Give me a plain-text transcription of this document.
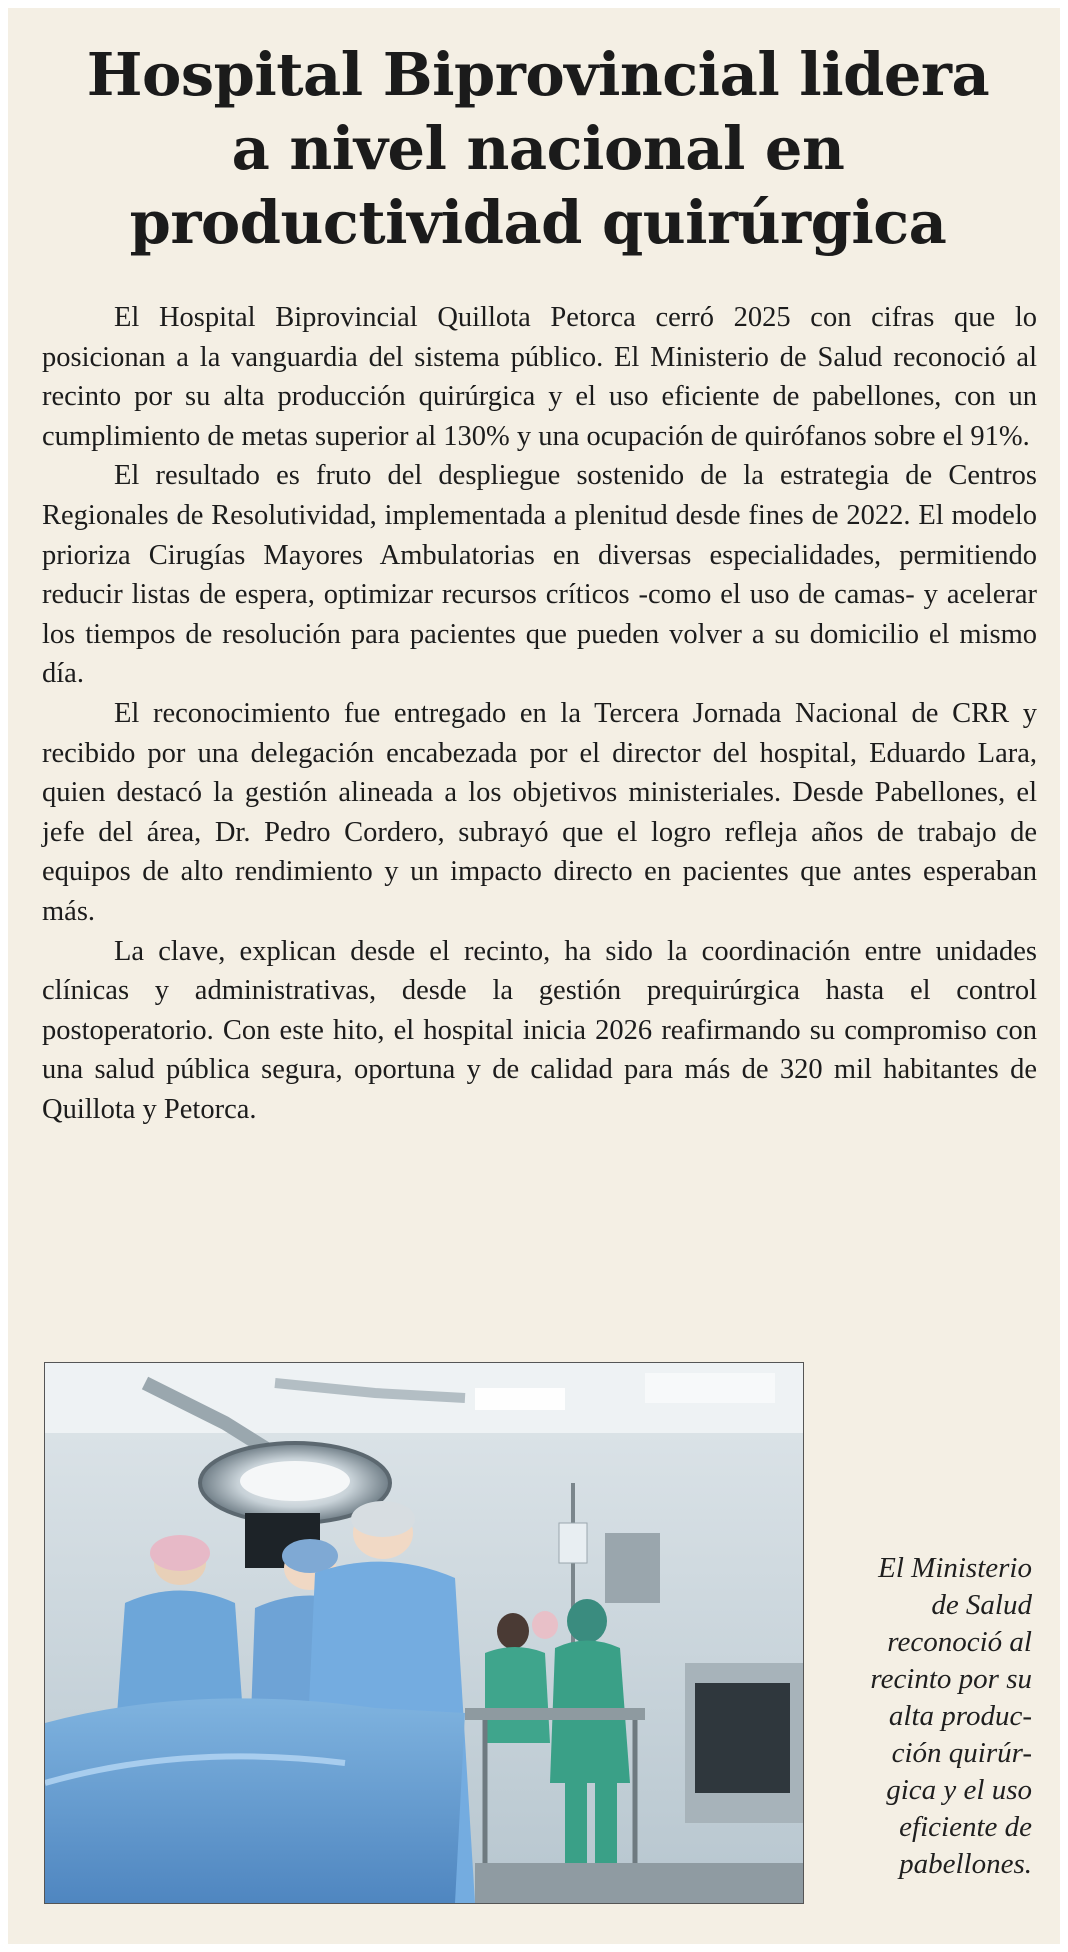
Hospital Biprovincial lidera
a nivel nacional en
productividad quirúrgica

El Hospital Biprovincial Quillota Petorca cerró 2025 con cifras que lo posicionan a la vanguardia del sistema público. El Ministerio de Salud reconoció al recinto por su alta producción quirúrgica y el uso eficiente de pabellones, con un cumplimiento de metas superior al 130% y una ocupación de quirófanos sobre el 91%.

El resultado es fruto del despliegue sostenido de la estrategia de Centros Regionales de Resolutividad, implementada a plenitud desde fines de 2022. El modelo prioriza Cirugías Mayores Ambulatorias en diversas especialidades, permitiendo reducir listas de espera, optimizar recursos críticos -como el uso de camas- y acelerar los tiempos de resolución para pacientes que pueden volver a su domicilio el mismo día.

El reconocimiento fue entregado en la Tercera Jornada Nacional de CRR y recibido por una delegación encabezada por el director del hospital, Eduardo Lara, quien destacó la gestión alineada a los objetivos ministeriales. Desde Pabellones, el jefe del área, Dr. Pedro Cordero, subrayó que el logro refleja años de trabajo de equipos de alto rendimiento y un impacto directo en pacientes que antes esperaban más.

La clave, explican desde el recinto, ha sido la coordinación entre unidades clínicas y administrativas, desde la gestión prequirúrgica hasta el control postoperatorio. Con este hito, el hospital inicia 2026 reafirmando su compromiso con una salud pública segura, oportuna y de calidad para más de 320 mil habitantes de Quillota y Petorca.

El Ministerio
de Salud
reconoció al
recinto por su
alta produc-
ción quirúr-
gica y el uso
eficiente de
pabellones.
